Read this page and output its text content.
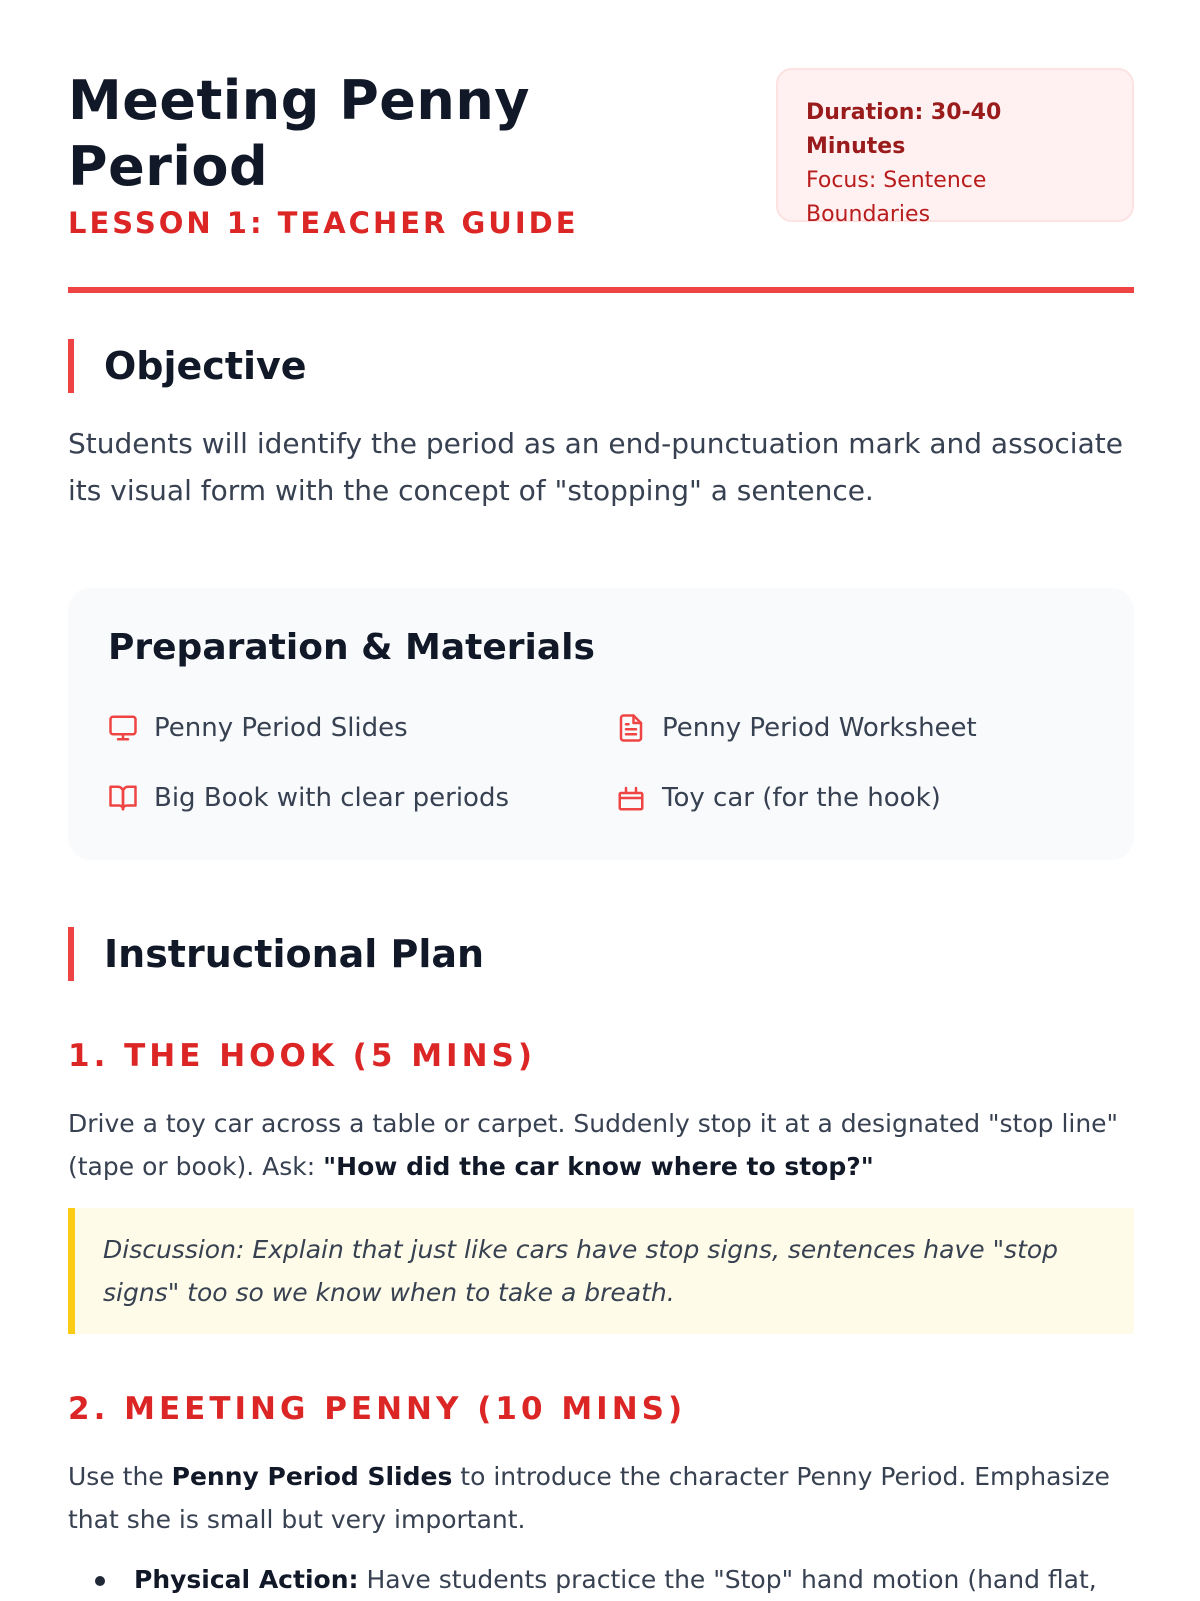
Meeting Penny Period
LESSON 1: TEACHER GUIDE
Duration: 30-40 Minutes
Focus: Sentence Boundaries
Objective

Students will identify the period as an end-punctuation mark and associate its visual form with the concept of "stopping" a sentence.

Preparation & Materials
Penny Period Slides	Penny Period Worksheet
Big Book with clear periods	Toy car (for the hook)
Instructional Plan
1. THE HOOK (5 MINS)

Drive a toy car across a table or carpet. Suddenly stop it at a designated "stop line" (tape or book). Ask: "How did the car know where to stop?"

Discussion: Explain that just like cars have stop signs, sentences have "stop signs" too so we know when to take a breath.
2. MEETING PENNY (10 MINS)

Use the Penny Period Slides to introduce the character Penny Period. Emphasize that she is small but very important.

Physical Action: Have students practice the "Stop" hand motion (hand flat,
